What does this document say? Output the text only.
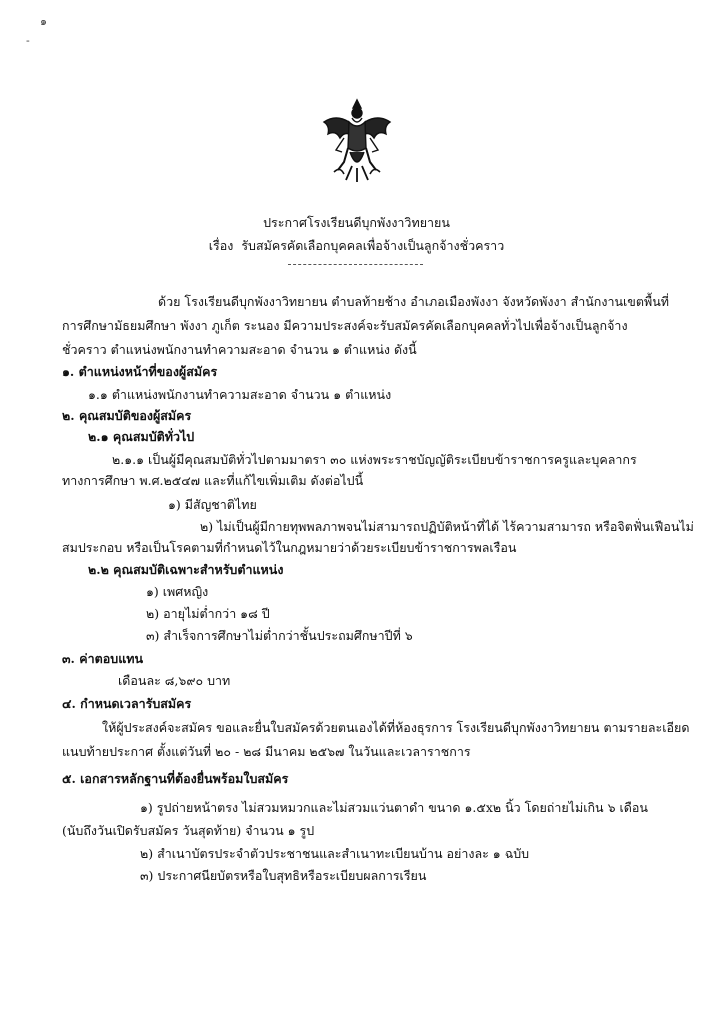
๑
-
ประกาศโรงเรียนดีบุกพังงาวิทยายน
เรื่อง รับสมัครคัดเลือกบุคคลเพื่อจ้างเป็นลูกจ้างชั่วคราว
ด้วย โรงเรียนดีบุกพังงาวิทยายน ตำบลท้ายช้าง อำเภอเมืองพังงา จังหวัดพังงา สำนักงานเขตพื้นที่
การศึกษามัธยมศึกษา พังงา ภูเก็ต ระนอง มีความประสงค์จะรับสมัครคัดเลือกบุคคลทั่วไปเพื่อจ้างเป็นลูกจ้าง
ชั่วคราว ตำแหน่งพนักงานทำความสะอาด จำนวน ๑ ตำแหน่ง ดังนี้
๑. ตำแหน่งหน้าที่ของผู้สมัคร
๑.๑ ตำแหน่งพนักงานทำความสะอาด จำนวน ๑ ตำแหน่ง
๒. คุณสมบัติของผู้สมัคร
๒.๑ คุณสมบัติทั่วไป
๒.๑.๑ เป็นผู้มีคุณสมบัติทั่วไปตามมาตรา ๓๐ แห่งพระราชบัญญัติระเบียบข้าราชการครูและบุคลากร
ทางการศึกษา พ.ศ.๒๕๔๗ และที่แก้ไขเพิ่มเติม ดังต่อไปนี้
๑) มีสัญชาติไทย
๒) ไม่เป็นผู้มีกายทุพพลภาพจนไม่สามารถปฏิบัติหน้าที่ได้ ไร้ความสามารถ หรือจิตฟั่นเฟือนไม่
สมประกอบ หรือเป็นโรคตามที่กำหนดไว้ในกฎหมายว่าด้วยระเบียบข้าราชการพลเรือน
๒.๒ คุณสมบัติเฉพาะสำหรับตำแหน่ง
๑) เพศหญิง
๒) อายุไม่ต่ำกว่า ๑๘ ปี
๓) สำเร็จการศึกษาไม่ต่ำกว่าชั้นประถมศึกษาปีที่ ๖
๓. ค่าตอบแทน
เดือนละ ๘,๖๙๐ บาท
๔. กำหนดเวลารับสมัคร
ให้ผู้ประสงค์จะสมัคร ขอและยื่นใบสมัครด้วยตนเองได้ที่ห้องธุรการ โรงเรียนดีบุกพังงาวิทยายน ตามรายละเอียด
แนบท้ายประกาศ ตั้งแต่วันที่ ๒๐ - ๒๘ มีนาคม ๒๕๖๗ ในวันและเวลาราชการ
๕. เอกสารหลักฐานที่ต้องยื่นพร้อมใบสมัคร
๑) รูปถ่ายหน้าตรง ไม่สวมหมวกและไม่สวมแว่นตาดำ ขนาด ๑.๕x๒ นิ้ว โดยถ่ายไม่เกิน ๖ เดือน
(นับถึงวันเปิดรับสมัคร วันสุดท้าย) จำนวน ๑ รูป
๒) สำเนาบัตรประจำตัวประชาชนและสำเนาทะเบียนบ้าน อย่างละ ๑ ฉบับ
๓) ประกาศนียบัตรหรือใบสุทธิหรือระเบียบผลการเรียน
